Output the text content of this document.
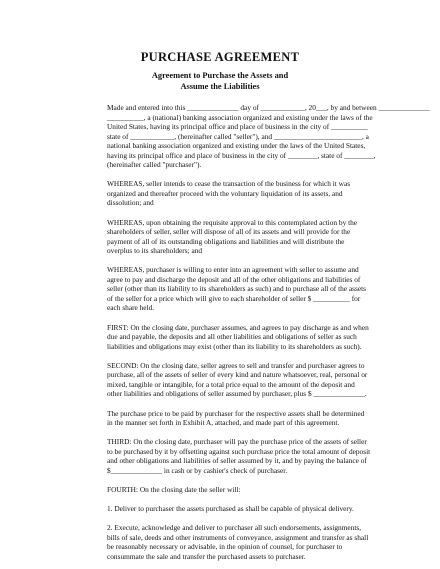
PURCHASE AGREEMENT
Agreement to Purchase the Assets and
Assume the Liabilities
Made and entered into this ______________ day of ____________, 20___, by and between ______________
__________, a (national) banking association organized and existing under the laws of the
United States, having its principal office and place of business in the city of __________
state of ____________, (hereinafter called "seller"), and ________________________, a
national banking association organized and existing under the laws of the United States,
having its principal office and place of business in the city of ________, state of ________,
(hereinafter called "purchaser").
WHEREAS, seller intends to cease the transaction of the business for which it was
organized and thereafter proceed with the voluntary liquidation of its assets, and
dissolution; and
WHEREAS, upon obtaining the requisite approval to this contemplated action by the
shareholders of seller, seller will dispose of all of its assets and will provide for the
payment of all of its outstanding obligations and liabilities and will distribute the
overplus to its shareholders; and
WHEREAS, purchaser is willing to enter into an agreement with seller to assume and
agree to pay and discharge the deposit and all of the other obligations and liabilities of
seller (other than its liability to its shareholders as such) and to purchase all of the assets
of the seller for a price which will give to each shareholder of seller $ __________ for
each share held.
FIRST: On the closing date, purchaser assumes, and agrees to pay discharge as and when
due and payable, the deposits and all other liabilities and obligations of seller as such
liabilities and obligations may exist (other than its liability to its shareholders as such).
SECOND: On the closing date, seller agrees to sell and transfer and purchaser agrees to
purchase, all of the assets of seller of every kind and nature whatsoever, real, personal or
mixed, tangible or intangible, for a total price equal to the amount of the deposit and
other liabilities and obligations of seller assumed by purchaser, plus $ ______________.
The purchase price to be paid by purchaser for the respective assets shall be determined
in the manner set forth in Exhibit A, attached, and made part of this agreement.
THIRD: On the closing date, purchaser will pay the purchase price of the assets of seller
to be purchased by it by offsetting against such purchase price the total amount of deposit
and other obligations and liabilities of seller assumed by it, and by paying the balance of
$______________ in cash or by cashier's check of purchaser.
FOURTH: On the closing date the seller will:
1. Deliver to purchaser the assets purchased as shall be capable of physical delivery.
2. Execute, acknowledge and deliver to purchaser all such endorsements, assignments,
bills of sale, deeds and other instruments of conveyance, assignment and transfer as shall
be reasonably necessary or advisable, in the opinion of counsel, for purchaser to
consummate the sale and transfer the purchased assets to purchaser.
